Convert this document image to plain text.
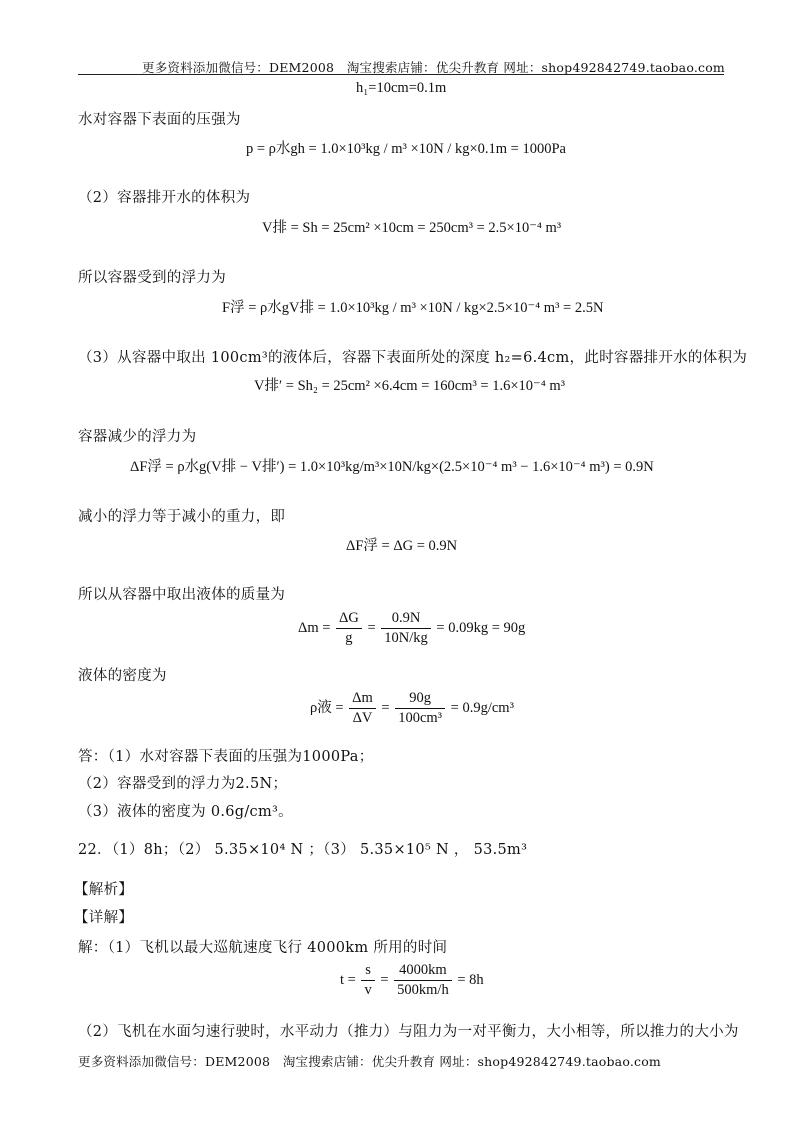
更多资料添加微信号：DEM2008　淘宝搜索店铺：优尖升教育 网址：shop492842749.taobao.com
h₁=10cm=0.1m
水对容器下表面的压强为
p = ρ水gh = 1.0×10³kg / m³ ×10N / kg×0.1m = 1000Pa
（2）容器排开水的体积为
V排 = Sh = 25cm² ×10cm = 250cm³ = 2.5×10⁻⁴ m³
所以容器受到的浮力为
F浮 = ρ水gV排 = 1.0×10³kg / m³ ×10N / kg×2.5×10⁻⁴ m³ = 2.5N
（3）从容器中取出 100cm³的液体后，容器下表面所处的深度 h₂=6.4cm，此时容器排开水的体积为
V排′ = Sh₂ = 25cm² ×6.4cm = 160cm³ = 1.6×10⁻⁴ m³
容器减少的浮力为
ΔF浮 = ρ水g(V排 − V排′) = 1.0×10³kg/m³×10N/kg×(2.5×10⁻⁴ m³ − 1.6×10⁻⁴ m³) = 0.9N
减小的浮力等于减小的重力，即
ΔF浮 = ΔG = 0.9N
所以从容器中取出液体的质量为
$\Delta m = \frac{\Delta G}{g} = \frac{0.9N}{10N/kg} = 0.09kg = 90g$
液体的密度为
ρ液 = $\frac{\Delta m}{\Delta V} = \frac{90g}{\text{100cm³}} = 0.9g/cm^3$
答：（1）水对容器下表面的压强为1000Pa；
（2）容器受到的浮力为2.5N；
（3）液体的密度为 0.6g/cm³。
22．（1）8h；（2） 5.35×10⁴ N ；（3） 5.35×10⁵ N ， 53.5m³
【解析】
【详解】
解：（1）飞机以最大巡航速度飞行 4000km 所用的时间
$t = \frac{s}{v} = \frac{4000km}{500km/h} = 8h$
（2）飞机在水面匀速行驶时，水平动力（推力）与阻力为一对平衡力，大小相等，所以推力的大小为
更多资料添加微信号：DEM2008　淘宝搜索店铺：优尖升教育 网址：shop492842749.taobao.com
